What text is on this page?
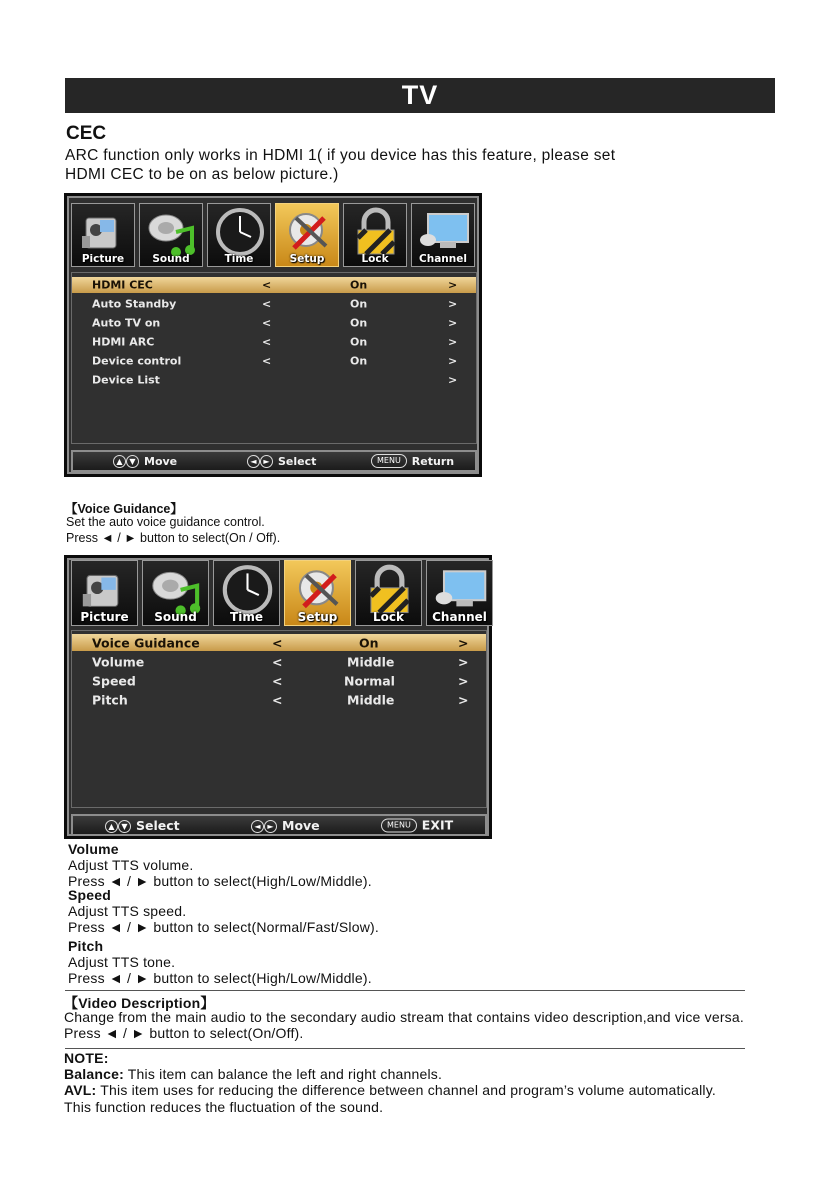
TV
CEC
ARC function only works in HDMI 1( if you device has this feature, please set
HDMI CEC to be on as below picture.)
Picture	Sound	Time	Setup	Lock	Channel
HDMI CEC	<	On	>
Auto Standby	<	On	>
Auto TV on	<	On	>
HDMI ARC	<	On	>
Device control	<	On	>
Device List	>
▲ ▼ Move	◄ ► Select	MENU	Return
【Voice Guidance】
Set the auto voice guidance control.
Press ◄ / ► button to select(On / Off).
Picture	Sound	Time	Setup	Lock	Channel
Voice Guidance	<	On	>
Volume	<	Middle	>
Speed	<	Normal	>
Pitch	<	Middle	>
▲ ▼ Select	◄ ► Move	MENU EXIT
Volume
Adjust TTS volume.
Press ◄ / ► button to select(High/Low/Middle).
Speed
Adjust TTS speed.
Press ◄ / ► button to select(Normal/Fast/Slow).
Pitch
Adjust TTS tone.
Press ◄ / ► button to select(High/Low/Middle).
【Video Description】
Change from the main audio to the secondary audio stream that contains video description,and vice versa.
Press ◄ / ► button to select(On/Off).
NOTE:
Balance: This item can balance the left and right channels.
AVL: This item uses for reducing the difference between channel and program’s volume automatically.
This function reduces the fluctuation of the sound.
